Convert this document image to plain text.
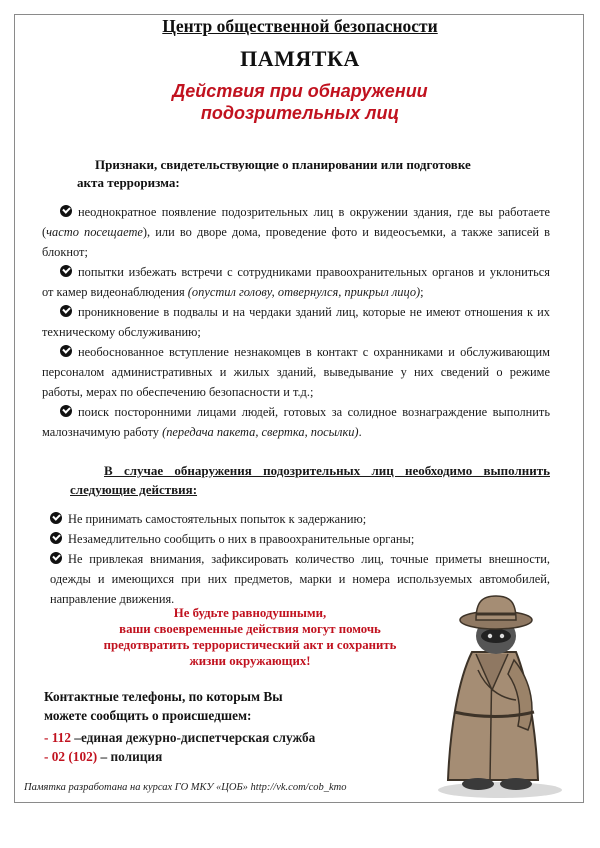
Центр общественной безопасности
ПАМЯТКА
Действия при обнаружении
подозрительных лиц
Признаки, свидетельствующие о планировании или подготовке
акта терроризма:

неоднократное появление подозрительных лиц в окружении здания, где вы работаете (часто посещаете), или во дворе дома, проведение фото и видеосъемки, а также записей в блокнот;

попытки избежать встречи с сотрудниками правоохранительных органов и уклониться от камер видеонаблюдения (опустил голову, отвернулся, прикрыл лицо);

проникновение в подвалы и на чердаки зданий лиц, которые не имеют отношения к их техническому обслуживанию;

необоснованное вступление незнакомцев в контакт с охранниками и обслуживающим персоналом административных и жилых зданий, выведывание у них сведений о режиме работы, мерах по обеспечению безопасности и т.д.;

поиск посторонними лицами людей, готовых за солидное вознаграждение выполнить малозначимую работу (передача пакета, свертка, посылки).

В случае обнаружения подозрительных лиц необходимо выполнить следующие действия:

Не принимать самостоятельных попыток к задержанию;

Незамедлительно сообщить о них в правоохранительные органы;

Не привлекая внимания, зафиксировать количество лиц, точные приметы внешности, одежды и имеющихся при них предметов, марки и номера используемых автомобилей, направление движения.

Не будьте равнодушными,
ваши своевременные действия могут помочь
предотвратить террористический акт и сохранить
жизни окружающих!
Контактные телефоны, по которым Вы
можете сообщить о происшедшем:
- 112 –единая дежурно-диспетчерская служба
- 02 (102) – полиция
Памятка разработана на курсах ГО МКУ «ЦОБ» http://vk.com/cob_kmo
